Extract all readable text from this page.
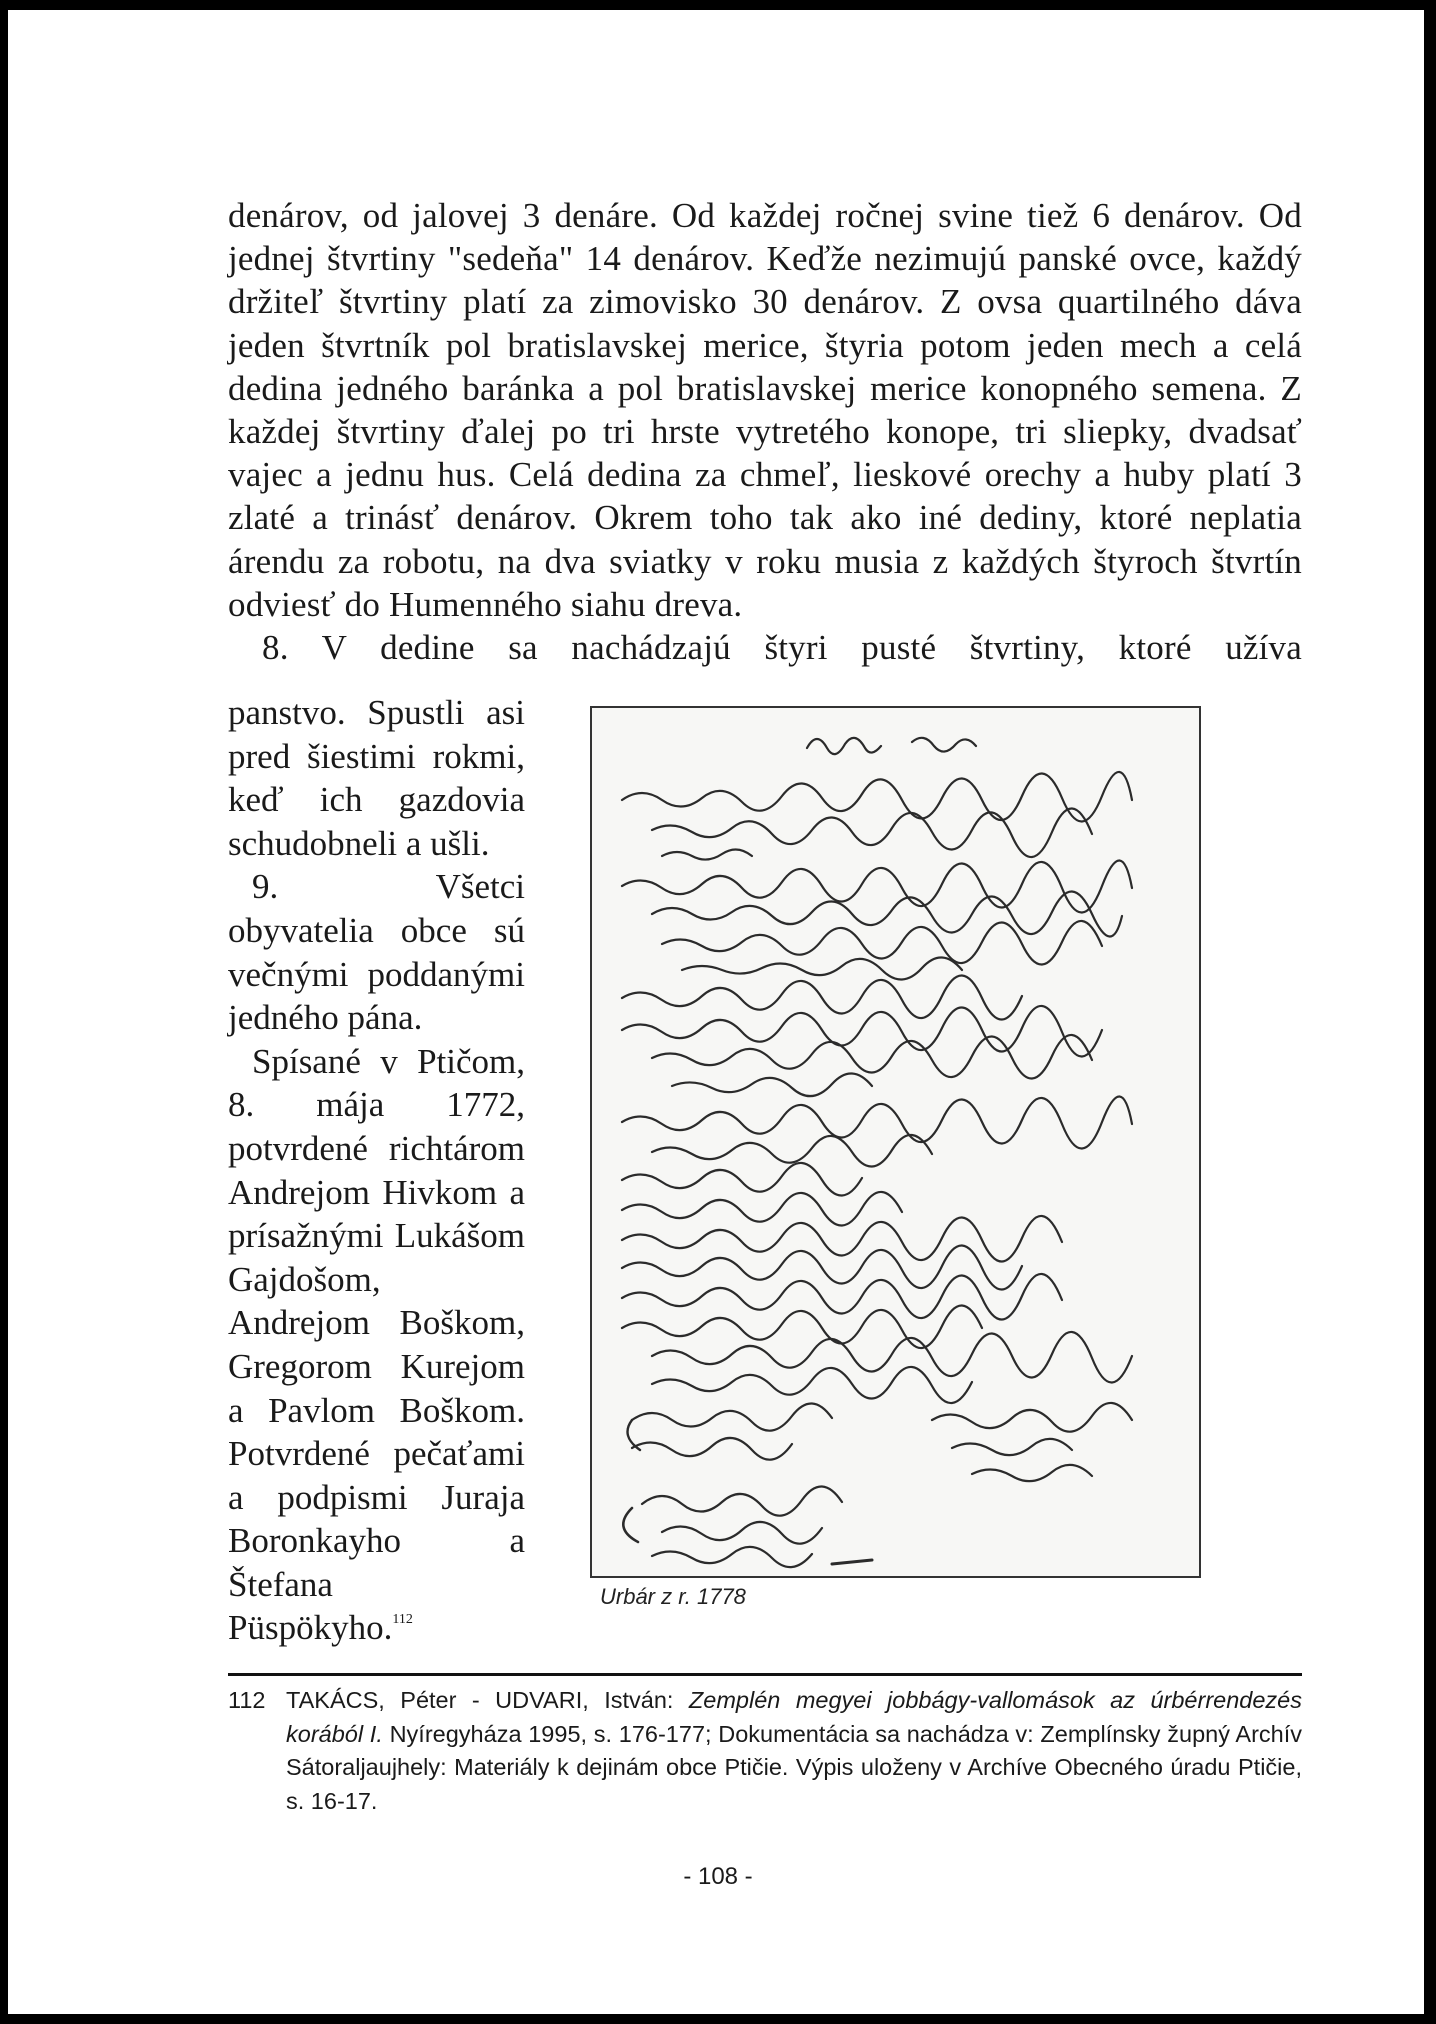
denárov, od jalovej 3 denáre. Od každej ročnej svine tiež 6 denárov. Od jednej štvrtiny "sedeňa" 14 denárov. Keďže nezimujú panské ovce, každý držiteľ štvrtiny platí za zimovisko 30 denárov. Z ovsa quartilného dáva jeden štvrtník pol bratislavskej merice, štyria potom jeden mech a celá dedina jedného baránka a pol bratislavskej merice konopného semena. Z každej štvrtiny ďalej po tri hrste vytretého konope, tri sliepky, dvadsať vajec a jednu hus. Celá dedina za chmeľ, lieskové orechy a huby platí 3 zlaté a trinásť denárov. Okrem toho tak ako iné dediny, ktoré neplatia árendu za robotu, na dva sviatky v roku musia z každých štyroch štvrtín odviesť do Humenného siahu dreva.

8. V dedine sa nachádzajú štyri pusté štvrtiny, ktoré užíva

panstvo. Spustli asi pred šiestimi rokmi, keď ich gazdovia schudobneli a ušli.

9. Všetci obyvatelia obce sú večnými poddanými jedného pána.

Spísané v Ptičom, 8. mája 1772, potvrdené richtárom Andrejom Hivkom a prísažnými Lukášom Gajdošom, Andrejom Boškom, Gregorom Kurejom a Pavlom Boškom. Potvrdené pečaťami a podpismi Juraja Boronkayho a Štefana Püspökyho.$^{112}$

Urbár z r. 1778
112 TAKÁCS, Péter - UDVARI, István: Zemplén megyei jobbágy-vallomások az úrbérrendezés korából I. Nyíregyháza 1995, s. 176-177; Dokumentácia sa nachádza v: Zemplínsky župný Archív Sátoraljaujhely: Materiály k dejinám obce Ptičie. Výpis uloženy v Archíve Obecného úradu Ptičie, s. 16-17.
- 108 -
